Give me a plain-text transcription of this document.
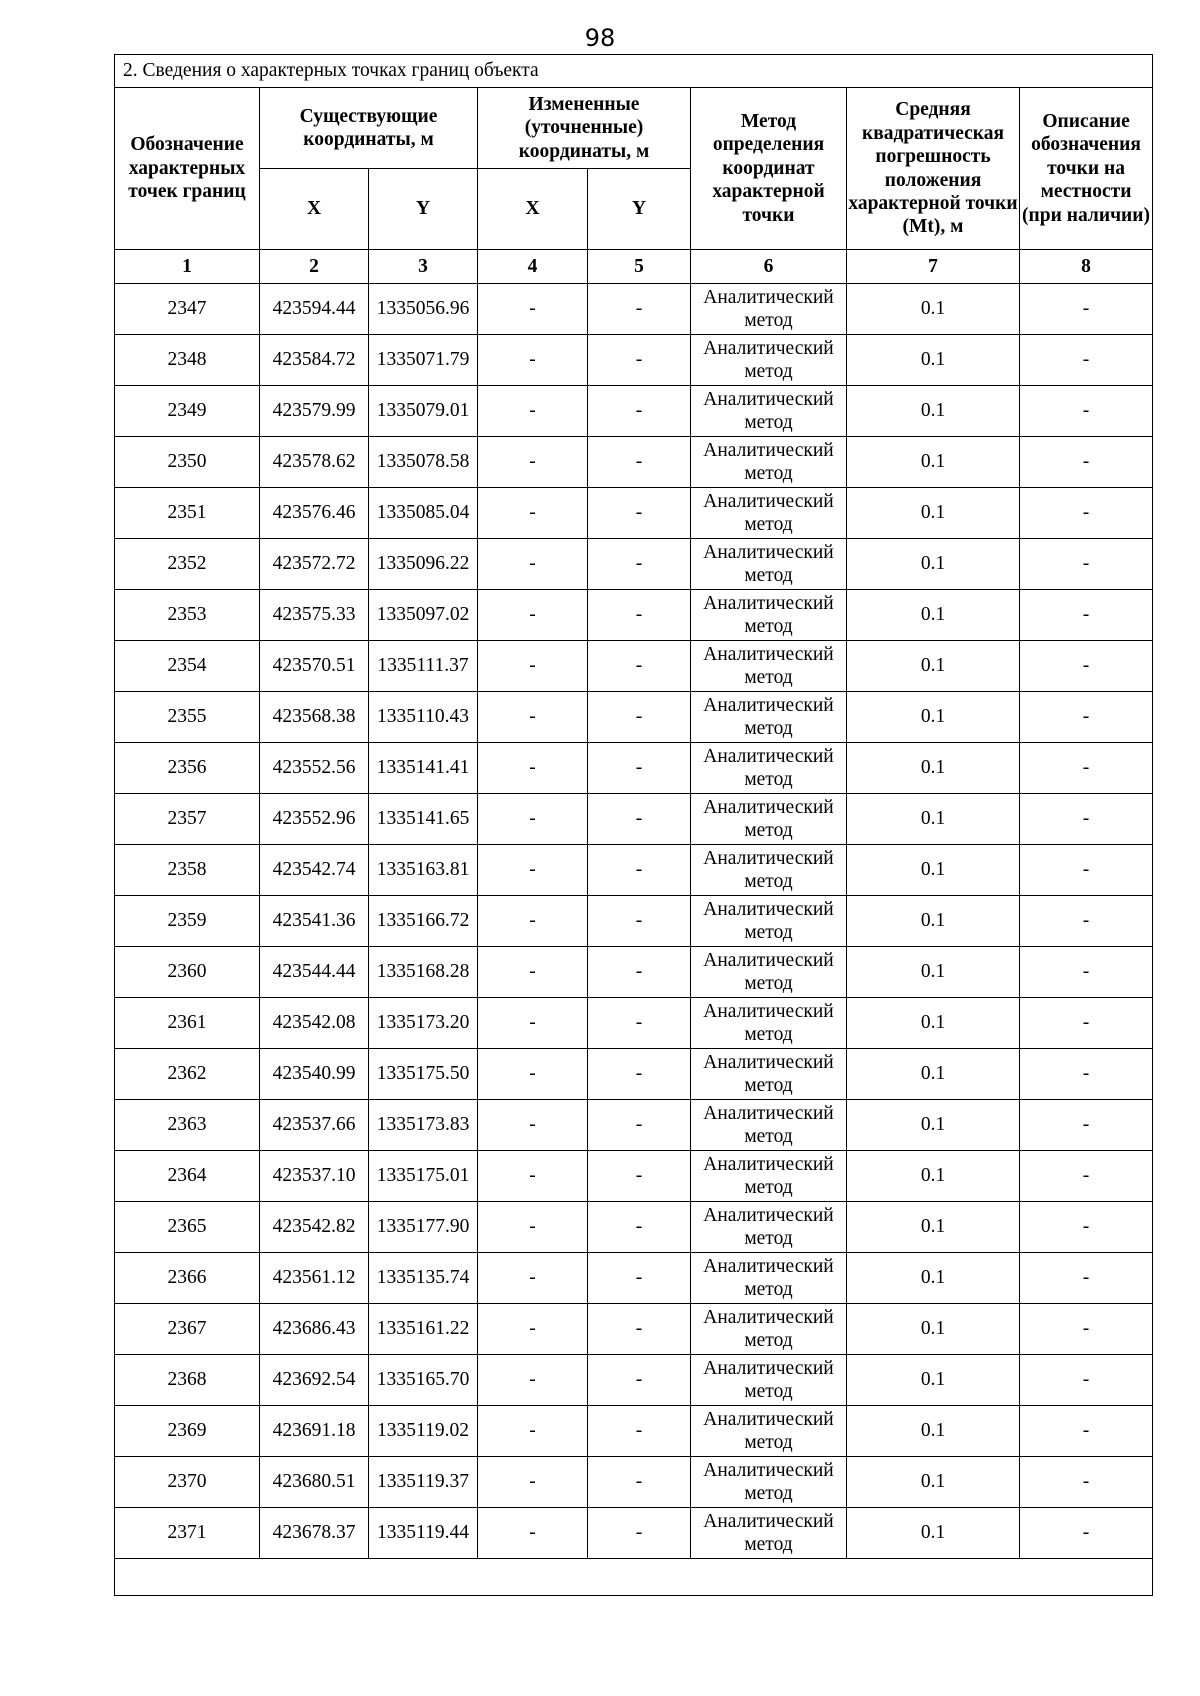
98
2. Сведения о характерных точках границ объекта							
Обозначение характерных точек границ	Существующие координаты, м		Измененные (уточненные) координаты, м		Метод определения координат характерной точки	Средняя квадратическая погрешность положения характерной точки (Mt), м	Описание обозначения точки на местности (при наличии)
	X	Y	X	Y			
1	2	3	4	5	6	7	8
2347	423594.44	1335056.96	-	-	Аналитический метод	0.1	-
2348	423584.72	1335071.79	-	-	Аналитический метод	0.1	-
2349	423579.99	1335079.01	-	-	Аналитический метод	0.1	-
2350	423578.62	1335078.58	-	-	Аналитический метод	0.1	-
2351	423576.46	1335085.04	-	-	Аналитический метод	0.1	-
2352	423572.72	1335096.22	-	-	Аналитический метод	0.1	-
2353	423575.33	1335097.02	-	-	Аналитический метод	0.1	-
2354	423570.51	1335111.37	-	-	Аналитический метод	0.1	-
2355	423568.38	1335110.43	-	-	Аналитический метод	0.1	-
2356	423552.56	1335141.41	-	-	Аналитический метод	0.1	-
2357	423552.96	1335141.65	-	-	Аналитический метод	0.1	-
2358	423542.74	1335163.81	-	-	Аналитический метод	0.1	-
2359	423541.36	1335166.72	-	-	Аналитический метод	0.1	-
2360	423544.44	1335168.28	-	-	Аналитический метод	0.1	-
2361	423542.08	1335173.20	-	-	Аналитический метод	0.1	-
2362	423540.99	1335175.50	-	-	Аналитический метод	0.1	-
2363	423537.66	1335173.83	-	-	Аналитический метод	0.1	-
2364	423537.10	1335175.01	-	-	Аналитический метод	0.1	-
2365	423542.82	1335177.90	-	-	Аналитический метод	0.1	-
2366	423561.12	1335135.74	-	-	Аналитический метод	0.1	-
2367	423686.43	1335161.22	-	-	Аналитический метод	0.1	-
2368	423692.54	1335165.70	-	-	Аналитический метод	0.1	-
2369	423691.18	1335119.02	-	-	Аналитический метод	0.1	-
2370	423680.51	1335119.37	-	-	Аналитический метод	0.1	-
2371	423678.37	1335119.44	-	-	Аналитический метод	0.1	-
